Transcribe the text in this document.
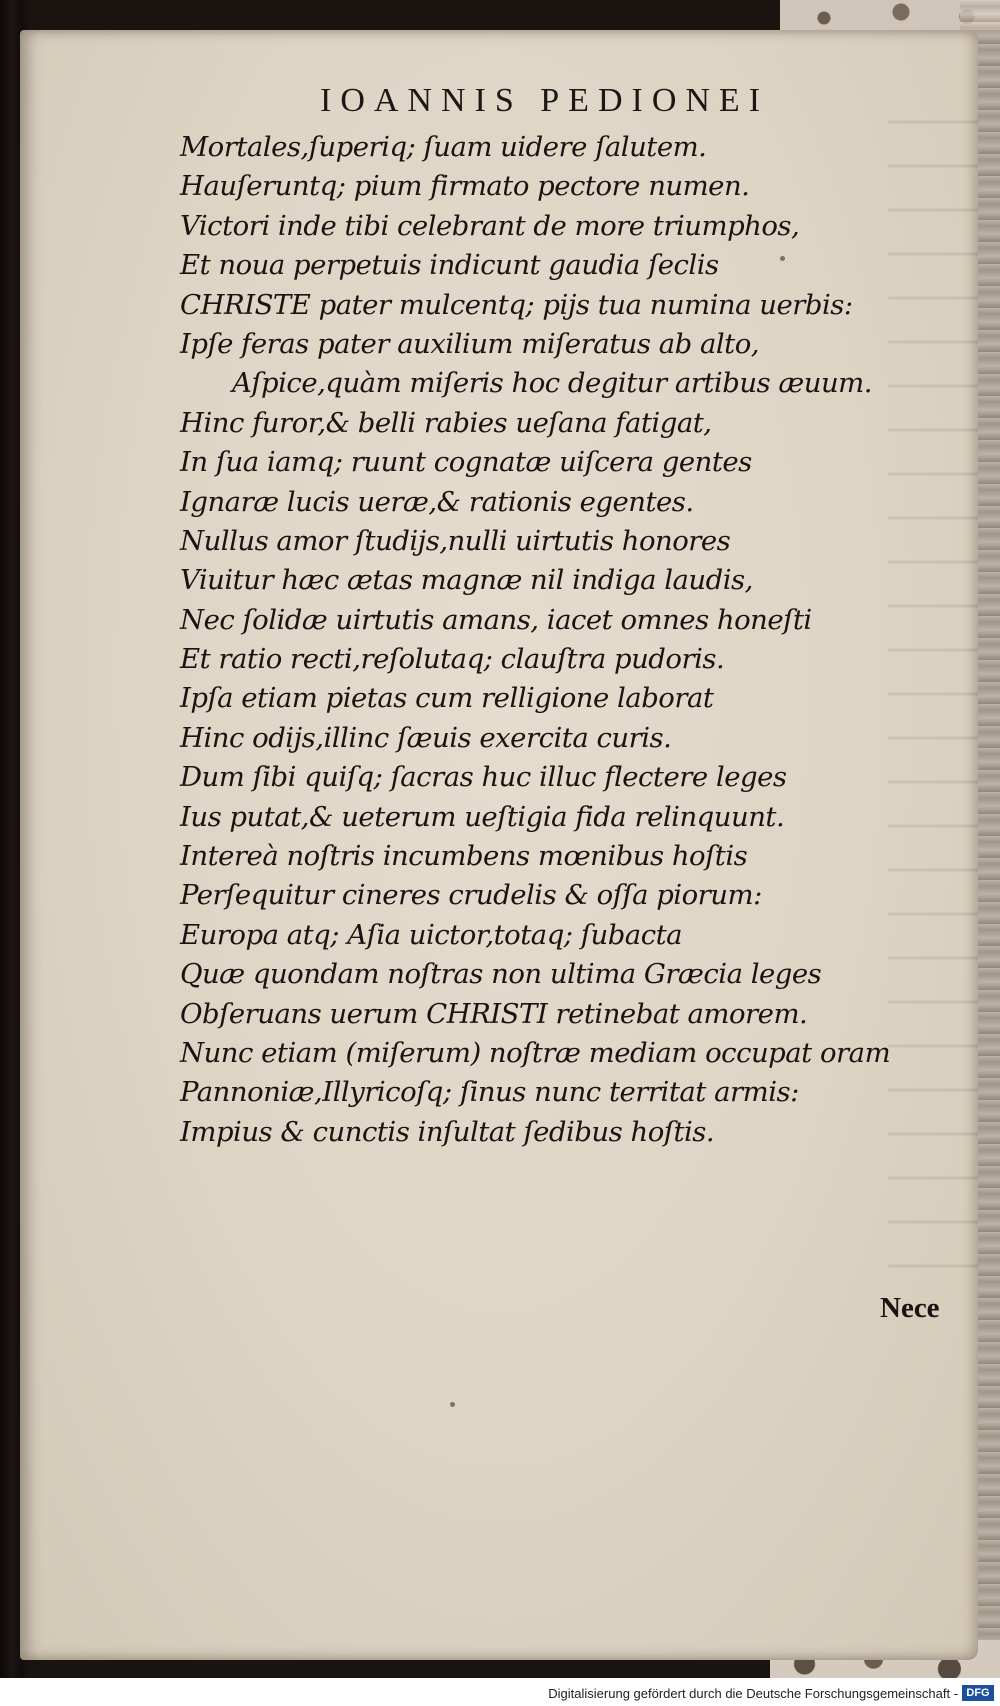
IOANNIS PEDIONEI
Mortales,ſuperiq; ſuam uidere ſalutem.
Hauſeruntq; pium firmato pectore numen.
Victori inde tibi celebrant de more triumphos,
Et noua perpetuis indicunt gaudia ſeclis
CHRISTE pater mulcentq; pijs tua numina uerbis:
Ipſe feras pater auxilium miſeratus ab alto,
Aſpice,quàm miſeris hoc degitur artibus æuum.
Hinc furor,& belli rabies ueſana fatigat,
In ſua iamq; ruunt cognatæ uiſcera gentes
Ignaræ lucis ueræ,& rationis egentes.
Nullus amor ſtudijs,nulli uirtutis honores
Viuitur hæc ætas magnæ nil indiga laudis,
Nec ſolidæ uirtutis amans, iacet omnes honeſti
Et ratio recti,reſolutaq; clauſtra pudoris.
Ipſa etiam pietas cum relligione laborat
Hinc odijs,illinc ſæuis exercita curis.
Dum ſibi quiſq; ſacras huc illuc flectere leges
Ius putat,& ueterum ueſtigia fida relinquunt.
Intereà noſtris incumbens mœnibus hoſtis
Perſequitur cineres crudelis & oſſa piorum:
Europa atq; Aſia uictor,totaq; ſubacta
Quæ quondam noſtras non ultima Græcia leges
Obſeruans uerum CHRISTI retinebat amorem.
Nunc etiam (miſerum) noſtræ mediam occupat oram
Pannoniæ,Illyricoſq; ſinus nunc territat armis:
Impius & cunctis inſultat ſedibus hoſtis.
Nece
Digitalisierung gefördert durch die Deutsche Forschungsgemeinschaft - DFG
